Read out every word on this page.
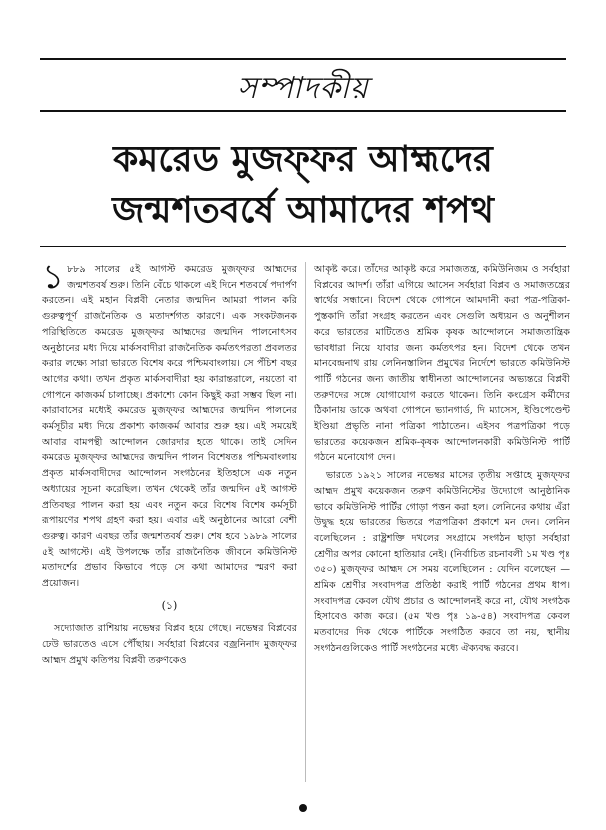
সম্পাদকীয়
কমরেড মুজফ্ফর আহ্মদের
জন্মশতবর্ষে আমাদের শপথ

১ ৮৮৯ সালের ৫ই আগস্ট কমরেড মুজফ্ফর আহ্মদের জন্মশতবর্ষ শুরু। তিনি বেঁচে থাকলে এই দিনে শতবর্ষে পদার্পণ করতেন। এই মহান বিপ্লবী নেতার জন্মদিন আমরা পালন করি গুরুত্বপূর্ণ রাজনৈতিক ও মতাদর্শগত কারণে। এক সংকটজনক পরিস্থিতিতে কমরেড মুজফ্ফর আহ্মদের জন্মদিন পালনোৎসব অনুষ্ঠানের মধ্য দিয়ে মার্কসবাদীরা রাজনৈতিক কর্মতৎপরতা প্রবলতর করার লক্ষ্যে সারা ভারতে বিশেষ করে পশ্চিমবাংলায়। সে পঁচিশ বছর আগের কথা। তখন প্রকৃত মার্কসবাদীরা হয় কারান্তরালে, নয়তো বা গোপনে কাজকর্ম চালাচ্ছে। প্রকাশ্যে কোন কিছুই করা সম্ভব ছিল না। কারাবাসের মধ্যেই কমরেড মুজফ্ফর আহ্মদের জন্মদিন পালনের কর্মসূচীর মধ্য দিয়ে প্রকাশ্য কাজকর্ম আবার শুরু হয়। এই সময়েই আবার বামপন্থী আন্দোলন জোরদার হতে থাকে। তাই সেদিন কমরেড মুজফ্ফর আহ্মদের জন্মদিন পালন বিশেষতঃ পশ্চিমবাংলায় প্রকৃত মার্কসবাদীদের আন্দোলন সংগঠনের ইতিহাসে এক নতুন অধ্যায়ের সূচনা করেছিল। তখন থেকেই তাঁর জন্মদিন ৫ই আগস্ট প্রতিবছর পালন করা হয় এবং নতুন করে বিশেষ বিশেষ কর্মসূচী রূপায়ণের শপথ গ্রহণ করা হয়। এবার এই অনুষ্ঠানের আরো বেশী গুরুত্ব। কারণ এবছর তাঁর জন্মশতবর্ষ শুরু। শেষ হবে ১৯৮৯ সালের ৫ই আগস্টে। এই উপলক্ষে তাঁর রাজনৈতিক জীবনে কমিউনিস্ট মতাদর্শের প্রভাব কিভাবে পড়ে সে কথা আমাদের স্মরণ করা প্রয়োজন।

(১)

সদ্যোজাত রাশিয়ায় নভেম্বর বিপ্লব হয়ে গেছে। নভেম্বর বিপ্লবের ঢেউ ভারতেও এসে পৌঁছায়। সর্বহারা বিপ্লবের বজ্রনিনাদ মুজফ্ফর আহ্মদ প্রমুখ কতিপয় বিপ্লবী তরুণকেও

আকৃষ্ট করে। তাঁদের আকৃষ্ট করে সমাজতন্ত্র, কমিউনিজম ও সর্বহারা বিপ্লবের আদর্শ। তাঁরা এগিয়ে আসেন সর্বহারা বিপ্লব ও সমাজতন্ত্রের স্বার্থের সন্ধানে। বিদেশ থেকে গোপনে আমদানী করা পত্র-পত্রিকা-পুস্তকাদি তাঁরা সংগ্রহ করতেন এবং সেগুলি অধ্যয়ন ও অনুশীলন করে ভারতের মাটিতেও শ্রমিক কৃষক আন্দোলনে সমাজতান্ত্রিক ভাবধারা নিয়ে যাবার জন্য কর্মতৎপর হন। বিদেশ থেকে তখন মানবেন্দ্রনাথ রায় লেনিনস্তালিন প্রমুখের নির্দেশে ভারতে কমিউনিস্ট পার্টি গঠনের জন্য জাতীয় স্বাধীনতা আন্দোলনের অভ্যন্তরে বিপ্লবী তরুণদের সঙ্গে যোগাযোগ করতে থাকেন। তিনি কংগ্রেস কর্মীদের ঠিকানায় ডাকে অথবা গোপনে ভ্যানগার্ড, দি ম্যাসেস, ইণ্ডিপেণ্ডেন্ট ইণ্ডিয়া প্রভৃতি নানা পত্রিকা পাঠাতেন। এইসব পত্রপত্রিকা পড়ে ভারতের কয়েকজন শ্রমিক-কৃষক আন্দোলনকারী কমিউনিস্ট পার্টি গঠনে মনোযোগ দেন।

ভারতে ১৯২১ সালের নভেম্বর মাসের তৃতীয় সপ্তাহে মুজফ্ফর আহ্মদ প্রমুখ কয়েকজন তরুণ কমিউনিস্টের উদ্যোগে আনুষ্ঠানিক ভাবে কমিউনিস্ট পার্টির গোড়া পত্তন করা হল। লেনিনের কথায় এঁরা উদ্বুদ্ধ হয়ে ভারতের ভিতরে পত্রপত্রিকা প্রকাশে মন দেন। লেনিন বলেছিলেন : রাষ্ট্রশক্তি দখলের সংগ্রামে সংগঠন ছাড়া সর্বহারা শ্রেণীর অপর কোনো হাতিয়ার নেই। (নির্বাচিত রচনাবলী ১ম খণ্ড পৃঃ ৩৫০) মুজফ্ফর আহ্মদ সে সময় বলেছিলেন : যেদিন বলেছেন — শ্রমিক শ্রেণীর সংবাদপত্র প্রতিষ্ঠা করাই পার্টি গঠনের প্রথম ধাপ। সংবাদপত্র কেবল যৌথ প্রচার ও আন্দোলনই করে না, যৌথ সংগঠক হিসাবেও কাজ করে। (৫ম খণ্ড পৃঃ ১৯-৫৪) সংবাদপত্র কেবল মতবাদের দিক থেকে পার্টিকে সংগঠিত করবে তা নয়, স্থানীয় সংগঠনগুলিকেও পার্টি সংগঠনের মধ্যে ঐক্যবদ্ধ করবে।
